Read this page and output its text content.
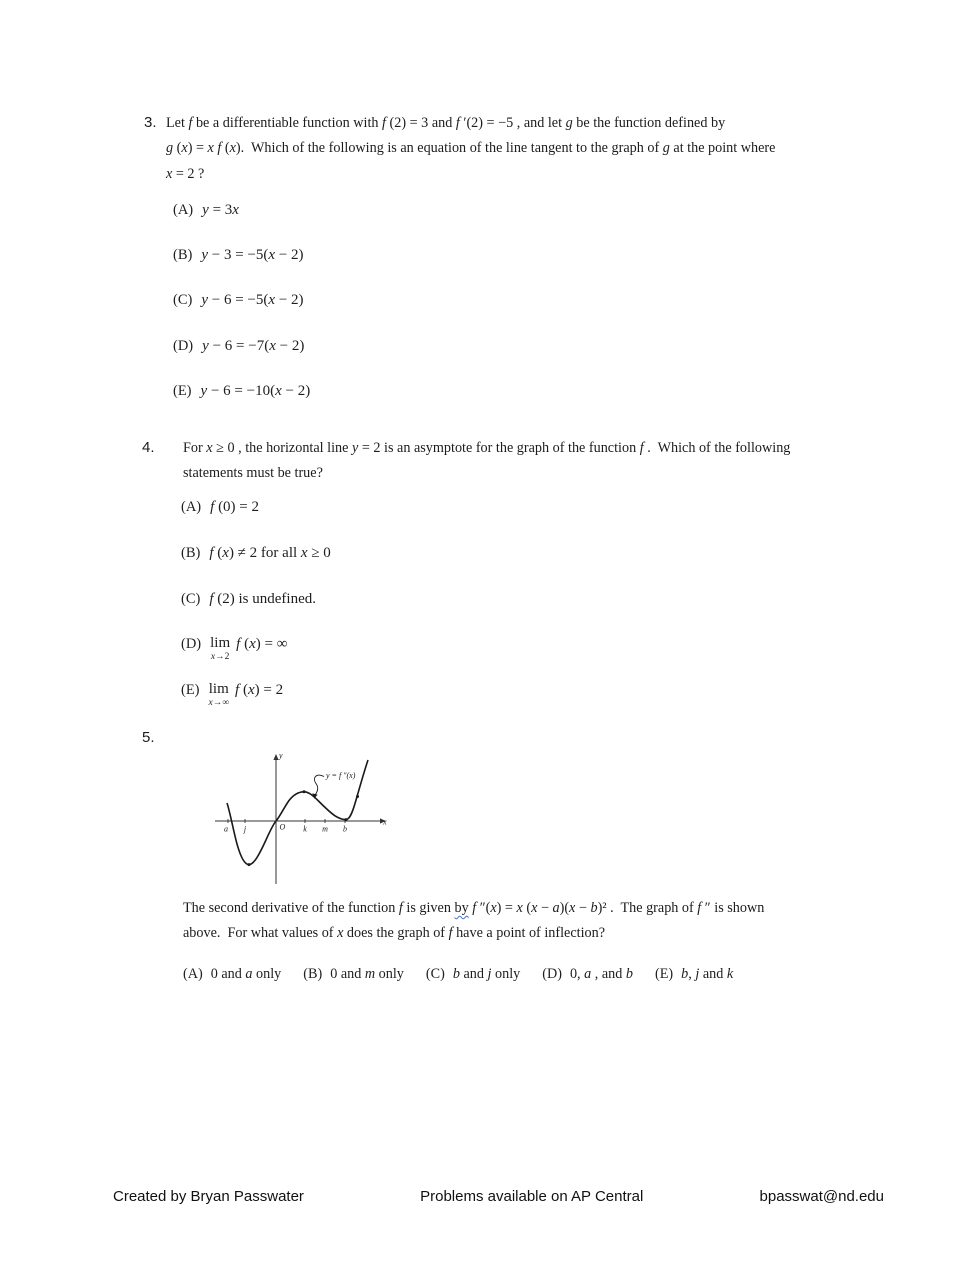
3. Let f be a differentiable function with f (2) = 3 and f ′(2) = −5 , and let g be the function defined by
g (x) = x f (x).  Which of the following is an equation of the line tangent to the graph of g at the point where
x = 2 ?
(A) y = 3x
(B) y − 3 = −5(x − 2)
(C) y − 6 = −5(x − 2)
(D) y − 6 = −7(x − 2)
(E) y − 6 = −10(x − 2)
4. For x ≥ 0 , the horizontal line y = 2 is an asymptote for the graph of the function f .  Which of the following
statements must be true?
(A) f (0) = 2
(B) f (x) ≠ 2 for all x ≥ 0
(C) f (2) is undefined.
(D) lim
x→2
f (x) = ∞
(E) lim
x→∞
f (x) = 2
5.
y = f ″(x)
a j	O k m b
x
y
The second derivative of the function f is given by f ″(x) = x (x − a)(x − b)² .  The graph of f ″ is shown
above.  For what values of x does the graph of f have a point of inflection?
(A) 0 and a only (B) 0 and m only (C) b and j only (D) 0, a , and b (E) b, j and k
Created by Bryan Passwater	Problems available on AP Central	bpasswat@nd.edu
